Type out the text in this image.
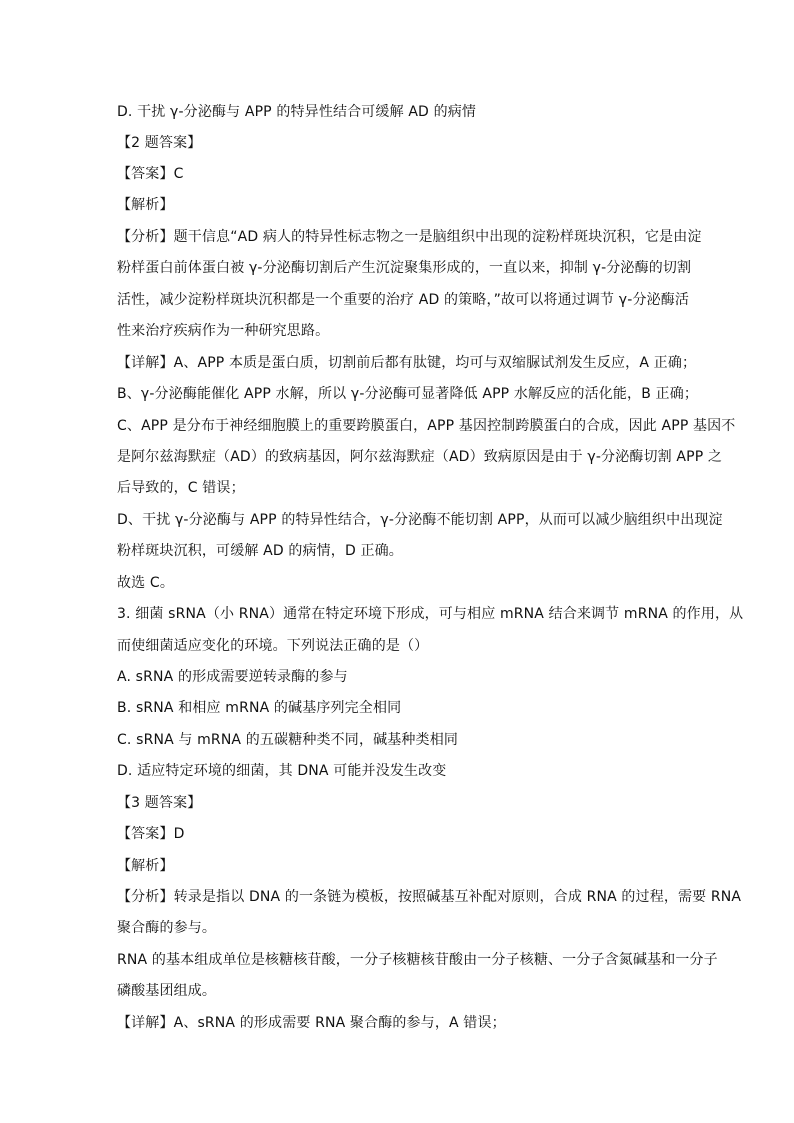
D. 干扰 γ-分泌酶与 APP 的特异性结合可缓解 AD 的病情
【2 题答案】
【答案】C
【解析】
【分析】题干信息“AD 病人的特异性标志物之一是脑组织中出现的淀粉样斑块沉积，它是由淀
粉样蛋白前体蛋白被 γ-分泌酶切割后产生沉淀聚集形成的，一直以来，抑制 γ-分泌酶的切割
活性，减少淀粉样斑块沉积都是一个重要的治疗 AD 的策略，”故可以将通过调节 γ-分泌酶活
性来治疗疾病作为一种研究思路。
【详解】A、APP 本质是蛋白质，切割前后都有肽键，均可与双缩脲试剂发生反应，A 正确；
B、γ-分泌酶能催化 APP 水解，所以 γ-分泌酶可显著降低 APP 水解反应的活化能，B 正确；
C、APP 是分布于神经细胞膜上的重要跨膜蛋白，APP 基因控制跨膜蛋白的合成，因此 APP 基因不
是阿尔兹海默症（AD）的致病基因，阿尔兹海默症（AD）致病原因是由于 γ-分泌酶切割 APP 之
后导致的，C 错误；
D、干扰 γ-分泌酶与 APP 的特异性结合，γ-分泌酶不能切割 APP，从而可以减少脑组织中出现淀
粉样斑块沉积，可缓解 AD 的病情，D 正确。
故选 C。
3. 细菌 sRNA（小 RNA）通常在特定环境下形成，可与相应 mRNA 结合来调节 mRNA 的作用，从
而使细菌适应变化的环境。下列说法正确的是（）
A. sRNA 的形成需要逆转录酶的参与
B. sRNA 和相应 mRNA 的碱基序列完全相同
C. sRNA 与 mRNA 的五碳糖种类不同，碱基种类相同
D. 适应特定环境的细菌，其 DNA 可能并没发生改变
【3 题答案】
【答案】D
【解析】
【分析】转录是指以 DNA 的一条链为模板，按照碱基互补配对原则，合成 RNA 的过程，需要 RNA
聚合酶的参与。
RNA 的基本组成单位是核糖核苷酸，一分子核糖核苷酸由一分子核糖、一分子含氮碱基和一分子
磷酸基团组成。
【详解】A、sRNA 的形成需要 RNA 聚合酶的参与，A 错误；
